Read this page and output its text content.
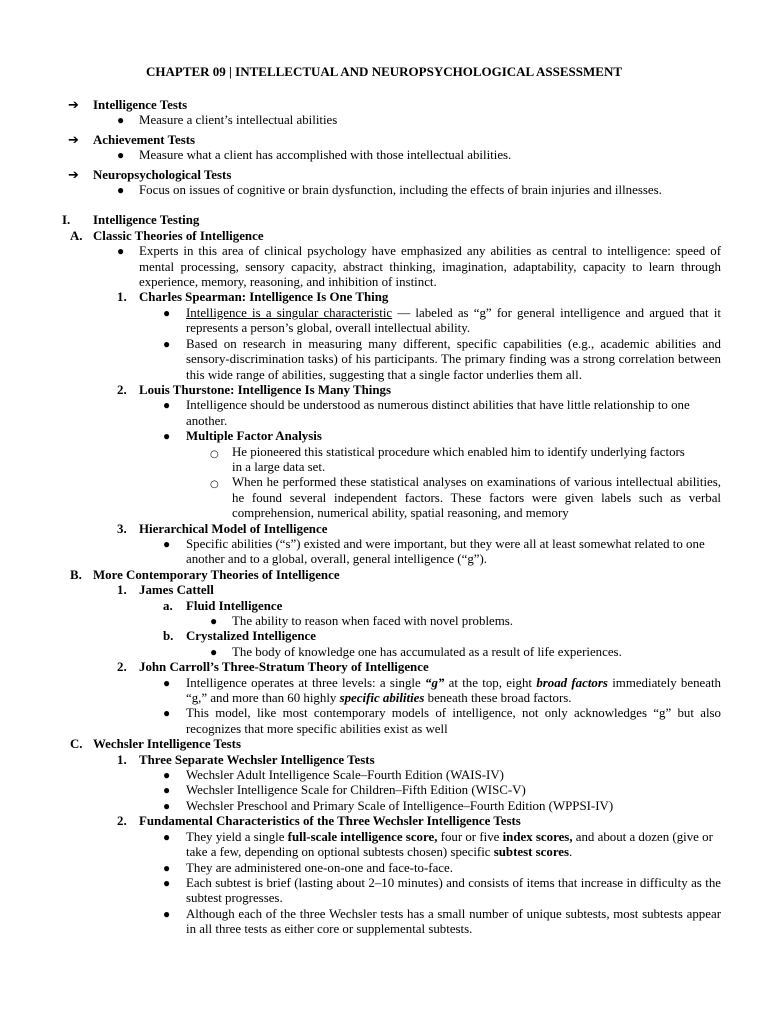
CHAPTER 09 | INTELLECTUAL AND NEUROPSYCHOLOGICAL ASSESSMENT
➔ Intelligence Tests
● Measure a client’s intellectual abilities
➔ Achievement Tests
● Measure what a client has accomplished with those intellectual abilities.
➔ Neuropsychological Tests
● Focus on issues of cognitive or brain dysfunction, including the effects of brain injuries and illnesses.
I. Intelligence Testing
A. Classic Theories of Intelligence
● Experts in this area of clinical psychology have emphasized any abilities as central to intelligence: speed of mental processing, sensory capacity, abstract thinking, imagination, adaptability, capacity to learn through experience, memory, reasoning, and inhibition of instinct.
1. Charles Spearman: Intelligence Is One Thing
● Intelligence is a singular characteristic — labeled as “g” for general intelligence and argued that it represents a person’s global, overall intellectual ability.
● Based on research in measuring many different, specific capabilities (e.g., academic abilities and sensory-discrimination tasks) of his participants. The primary finding was a strong correlation between this wide range of abilities, suggesting that a single factor underlies them all.
2. Louis Thurstone: Intelligence Is Many Things
● Intelligence should be understood as numerous distinct abilities that have little relationship to one another.
● Multiple Factor Analysis
○ He pioneered this statistical procedure which enabled him to identify underlying factors in a large data set.
○ When he performed these statistical analyses on examinations of various intellectual abilities, he found several independent factors. These factors were given labels such as verbal comprehension, numerical ability, spatial reasoning, and memory
3. Hierarchical Model of Intelligence
● Specific abilities (“s”) existed and were important, but they were all at least somewhat related to one another and to a global, overall, general intelligence (“g”).
B. More Contemporary Theories of Intelligence
1. James Cattell
a. Fluid Intelligence
● The ability to reason when faced with novel problems.
b. Crystalized Intelligence
● The body of knowledge one has accumulated as a result of life experiences.
2. John Carroll’s Three-Stratum Theory of Intelligence
● Intelligence operates at three levels: a single “g” at the top, eight broad factors immediately beneath “g,” and more than 60 highly specific abilities beneath these broad factors.
● This model, like most contemporary models of intelligence, not only acknowledges “g” but also recognizes that more specific abilities exist as well
C. Wechsler Intelligence Tests
1. Three Separate Wechsler Intelligence Tests
● Wechsler Adult Intelligence Scale–Fourth Edition (WAIS-IV)
● Wechsler Intelligence Scale for Children–Fifth Edition (WISC-V)
● Wechsler Preschool and Primary Scale of Intelligence–Fourth Edition (WPPSI-IV)
2. Fundamental Characteristics of the Three Wechsler Intelligence Tests
● They yield a single full-scale intelligence score, four or five index scores, and about a dozen (give or take a few, depending on optional subtests chosen) specific subtest scores.
● They are administered one-on-one and face-to-face.
● Each subtest is brief (lasting about 2–10 minutes) and consists of items that increase in difficulty as the subtest progresses.
● Although each of the three Wechsler tests has a small number of unique subtests, most subtests appear in all three tests as either core or supplemental subtests.
